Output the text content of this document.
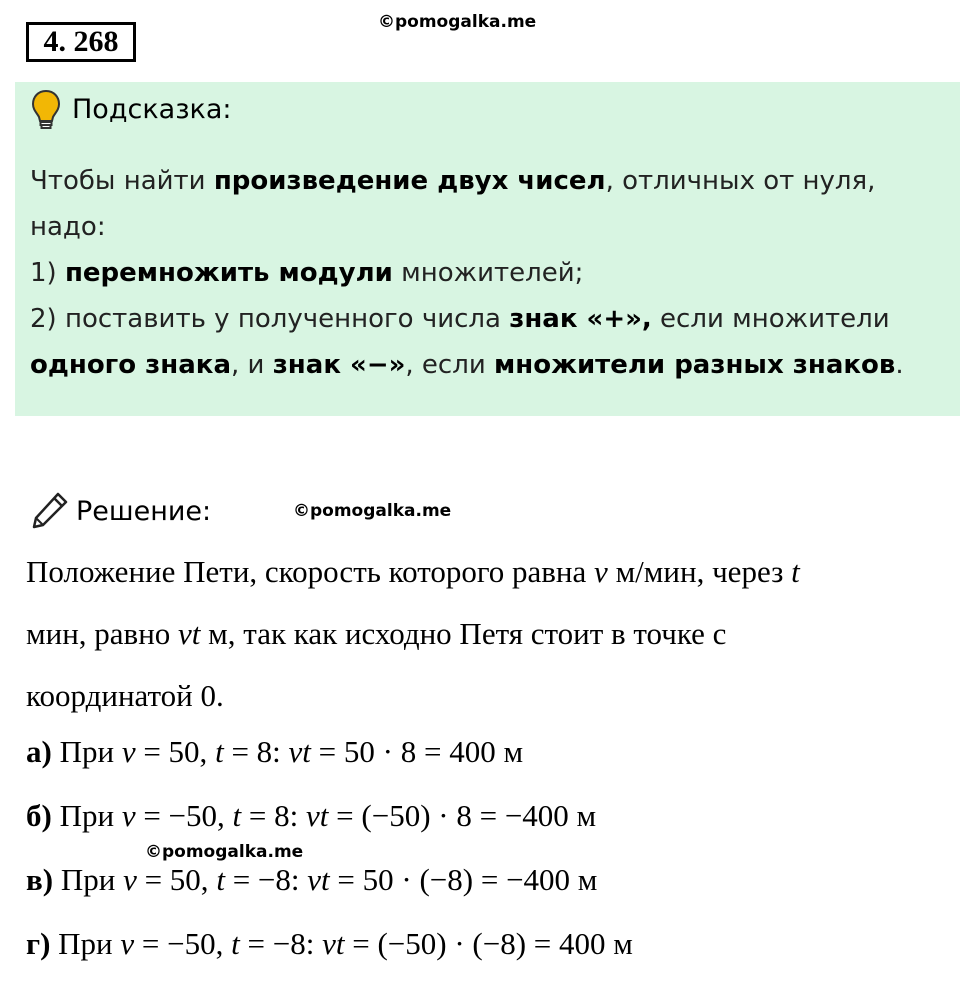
4. 268
©pomogalka.me
Подсказка:

Чтобы найти произведение двух чисел, отличных от нуля,

надо:

1) перемножить модули множителей;

2) поставить у полученного числа знак «+», если множители

одного знака, и знак «−», если множители разных знаков.

Решение:	©pomogalka.me

Положение Пети, скорость которого равна v м/мин, через t

мин, равно vt м, так как исходно Петя стоит в точке с

координатой 0.

а) При v = 50, t = 8: vt = 50 · 8 = 400 м
б) При v = −50, t = 8: vt = (−50) · 8 = −400 м
©pomogalka.me
в) При v = 50, t = −8: vt = 50 · (−8) = −400 м
г) При v = −50, t = −8: vt = (−50) · (−8) = 400 м
